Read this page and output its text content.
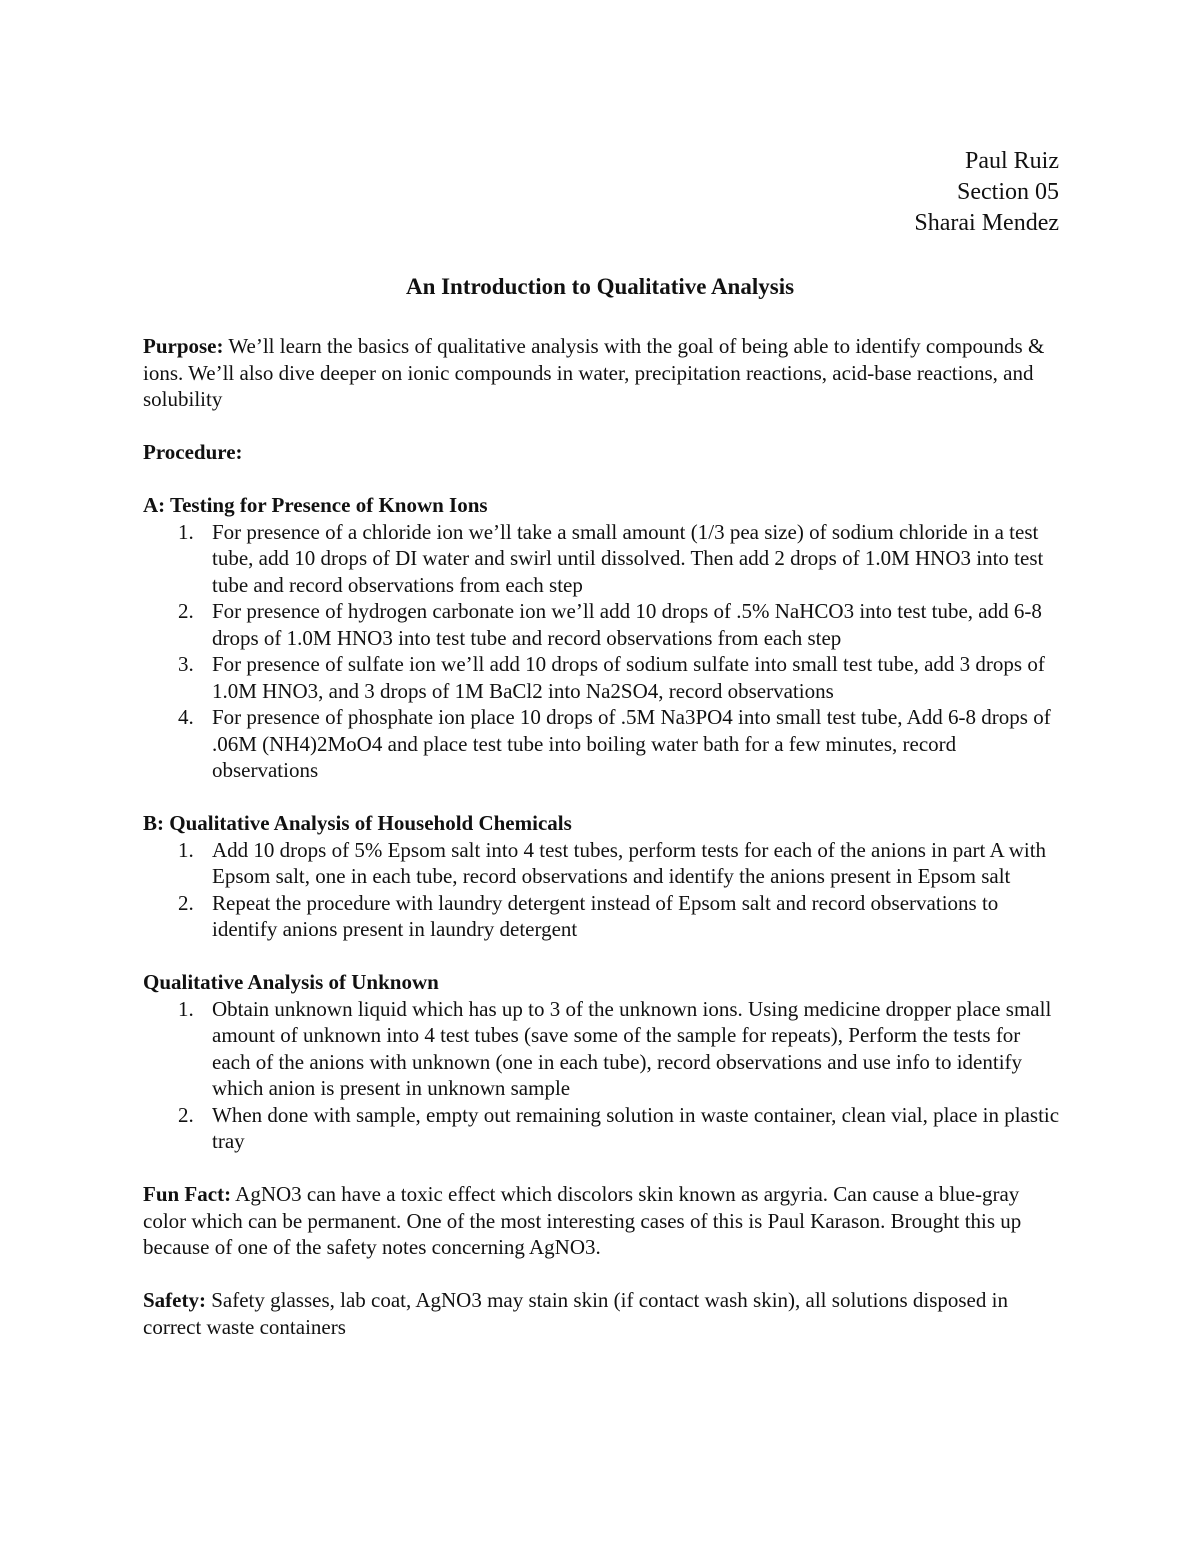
Paul Ruiz
Section 05
Sharai Mendez
An Introduction to Qualitative Analysis

Purpose: We’ll learn the basics of qualitative analysis with the goal of being able to identify compounds & ions. We’ll also dive deeper on ionic compounds in water, precipitation reactions, acid-base reactions, and solubility

Procedure:

A: Testing for Presence of Known Ions

1. For presence of a chloride ion we’ll take a small amount (1/3 pea size) of sodium chloride in a test tube, add 10 drops of DI water and swirl until dissolved. Then add 2 drops of 1.0M HNO3 into test tube and record observations from each step
2. For presence of hydrogen carbonate ion we’ll add 10 drops of .5% NaHCO3 into test tube, add 6-8 drops of 1.0M HNO3 into test tube and record observations from each step
3. For presence of sulfate ion we’ll add 10 drops of sodium sulfate into small test tube, add 3 drops of 1.0M HNO3, and 3 drops of 1M BaCl2 into Na2SO4, record observations
4. For presence of phosphate ion place 10 drops of .5M Na3PO4 into small test tube, Add 6-8 drops of .06M (NH4)2MoO4 and place test tube into boiling water bath for a few minutes, record observations

B: Qualitative Analysis of Household Chemicals

1. Add 10 drops of 5% Epsom salt into 4 test tubes, perform tests for each of the anions in part A with Epsom salt, one in each tube, record observations and identify the anions present in Epsom salt
2. Repeat the procedure with laundry detergent instead of Epsom salt and record observations to identify anions present in laundry detergent

Qualitative Analysis of Unknown

1. Obtain unknown liquid which has up to 3 of the unknown ions. Using medicine dropper place small amount of unknown into 4 test tubes (save some of the sample for repeats), Perform the tests for each of the anions with unknown (one in each tube), record observations and use info to identify which anion is present in unknown sample
2. When done with sample, empty out remaining solution in waste container, clean vial, place in plastic tray

Fun Fact: AgNO3 can have a toxic effect which discolors skin known as argyria. Can cause a blue-gray color which can be permanent. One of the most interesting cases of this is Paul Karason. Brought this up because of one of the safety notes concerning AgNO3.

Safety: Safety glasses, lab coat, AgNO3 may stain skin (if contact wash skin), all solutions disposed in correct waste containers
